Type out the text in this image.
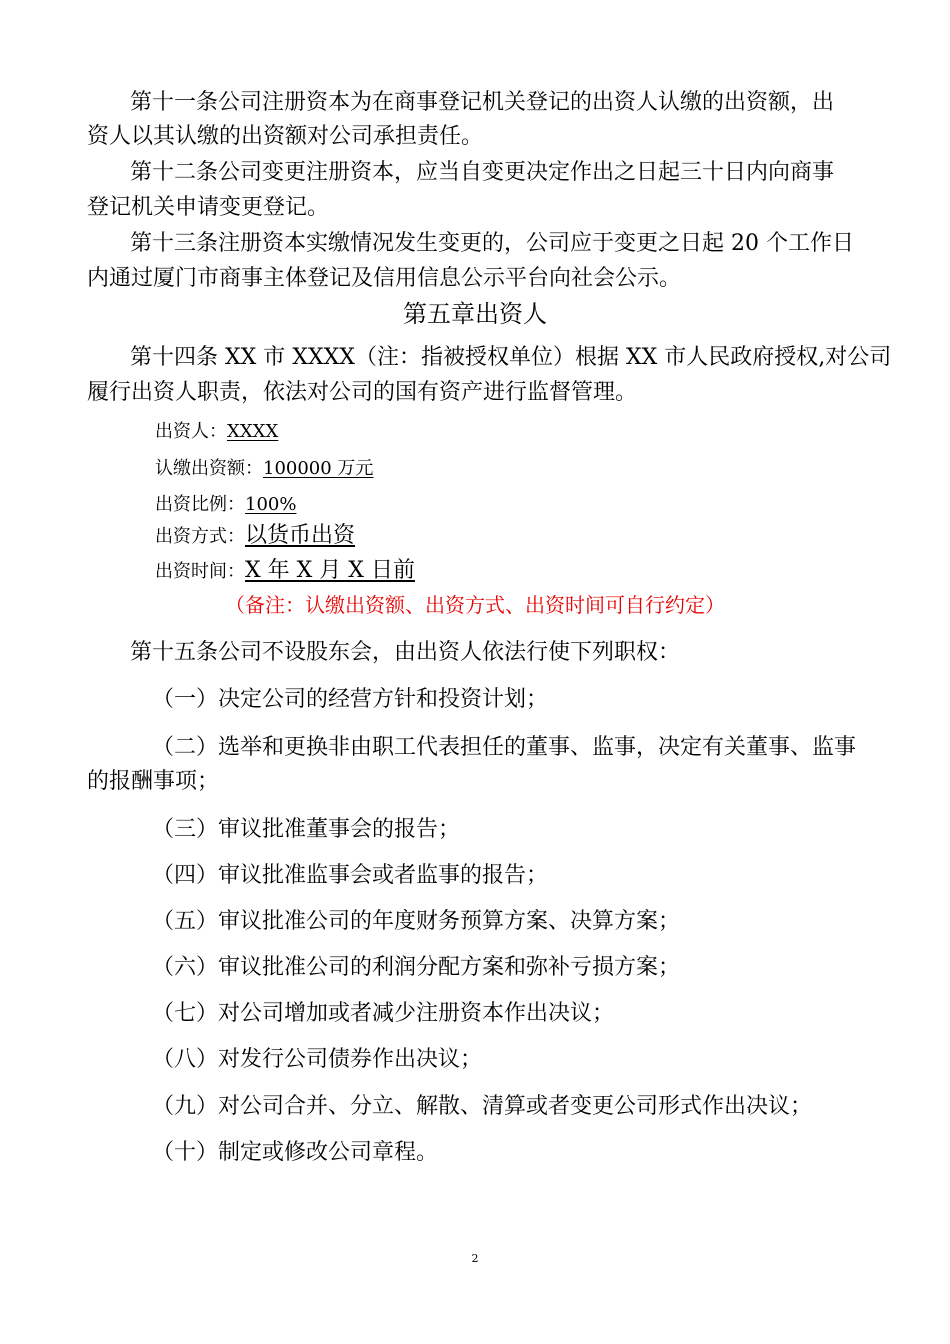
第十一条公司注册资本为在商事登记机关登记的出资人认缴的出资额，出
资人以其认缴的出资额对公司承担责任。
第十二条公司变更注册资本，应当自变更决定作出之日起三十日内向商事
登记机关申请变更登记。
第十三条注册资本实缴情况发生变更的，公司应于变更之日起 20 个工作日
内通过厦门市商事主体登记及信用信息公示平台向社会公示。
第五章出资人
第十四条 XX 市 XXXX（注：指被授权单位）根据 XX 市人民政府授权,对公司
履行出资人职责，依法对公司的国有资产进行监督管理。
出资人：XXXX
认缴出资额：100000 万元
出资比例：100%
出资方式：以货币出资
出资时间：X 年 X 月 X 日前
（备注：认缴出资额、出资方式、出资时间可自行约定）
第十五条公司不设股东会，由出资人依法行使下列职权：
（一）决定公司的经营方针和投资计划；
（二）选举和更换非由职工代表担任的董事、监事，决定有关董事、监事
的报酬事项；
（三）审议批准董事会的报告；
（四）审议批准监事会或者监事的报告；
（五）审议批准公司的年度财务预算方案、决算方案；
（六）审议批准公司的利润分配方案和弥补亏损方案；
（七）对公司增加或者减少注册资本作出决议；
（八）对发行公司债券作出决议；
（九）对公司合并、分立、解散、清算或者变更公司形式作出决议；
（十）制定或修改公司章程。
2
